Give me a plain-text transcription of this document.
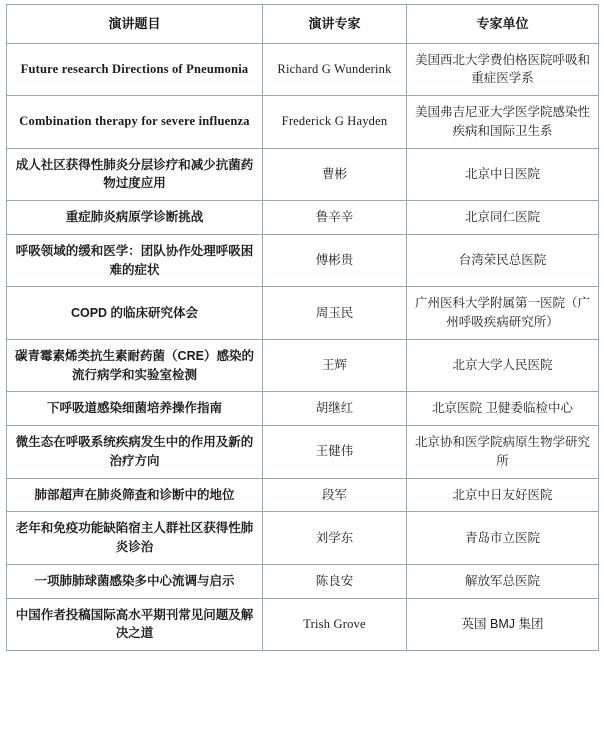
演讲题目	演讲专家	专家单位
Future research Directions of Pneumonia	Richard G Wunderink	美国西北大学费伯格医院呼吸和重症医学系
Combination therapy for severe influenza	Frederick G Hayden	美国弗吉尼亚大学医学院感染性疾病和国际卫生系
成人社区获得性肺炎分层诊疗和减少抗菌药物过度应用	曹彬	北京中日医院
重症肺炎病原学诊断挑战	鲁辛辛	北京同仁医院
呼吸领域的缓和医学：团队协作处理呼吸困难的症状	傅彬贵	台湾荣民总医院
COPD 的临床研究体会	周玉民	广州医科大学附属第一医院（广州呼吸疾病研究所）
碳青霉素烯类抗生素耐药菌（CRE）感染的流行病学和实验室检测	王辉	北京大学人民医院
下呼吸道感染细菌培养操作指南	胡继红	北京医院 卫健委临检中心
微生态在呼吸系统疾病发生中的作用及新的治疗方向	王健伟	北京协和医学院病原生物学研究所
肺部超声在肺炎筛查和诊断中的地位	段军	北京中日友好医院
老年和免疫功能缺陷宿主人群社区获得性肺炎诊治	刘学东	青岛市立医院
一项肺肺球菌感染多中心流调与启示	陈良安	解放军总医院
中国作者投稿国际高水平期刊常见问题及解决之道	Trish Grove	英国 BMJ 集团
